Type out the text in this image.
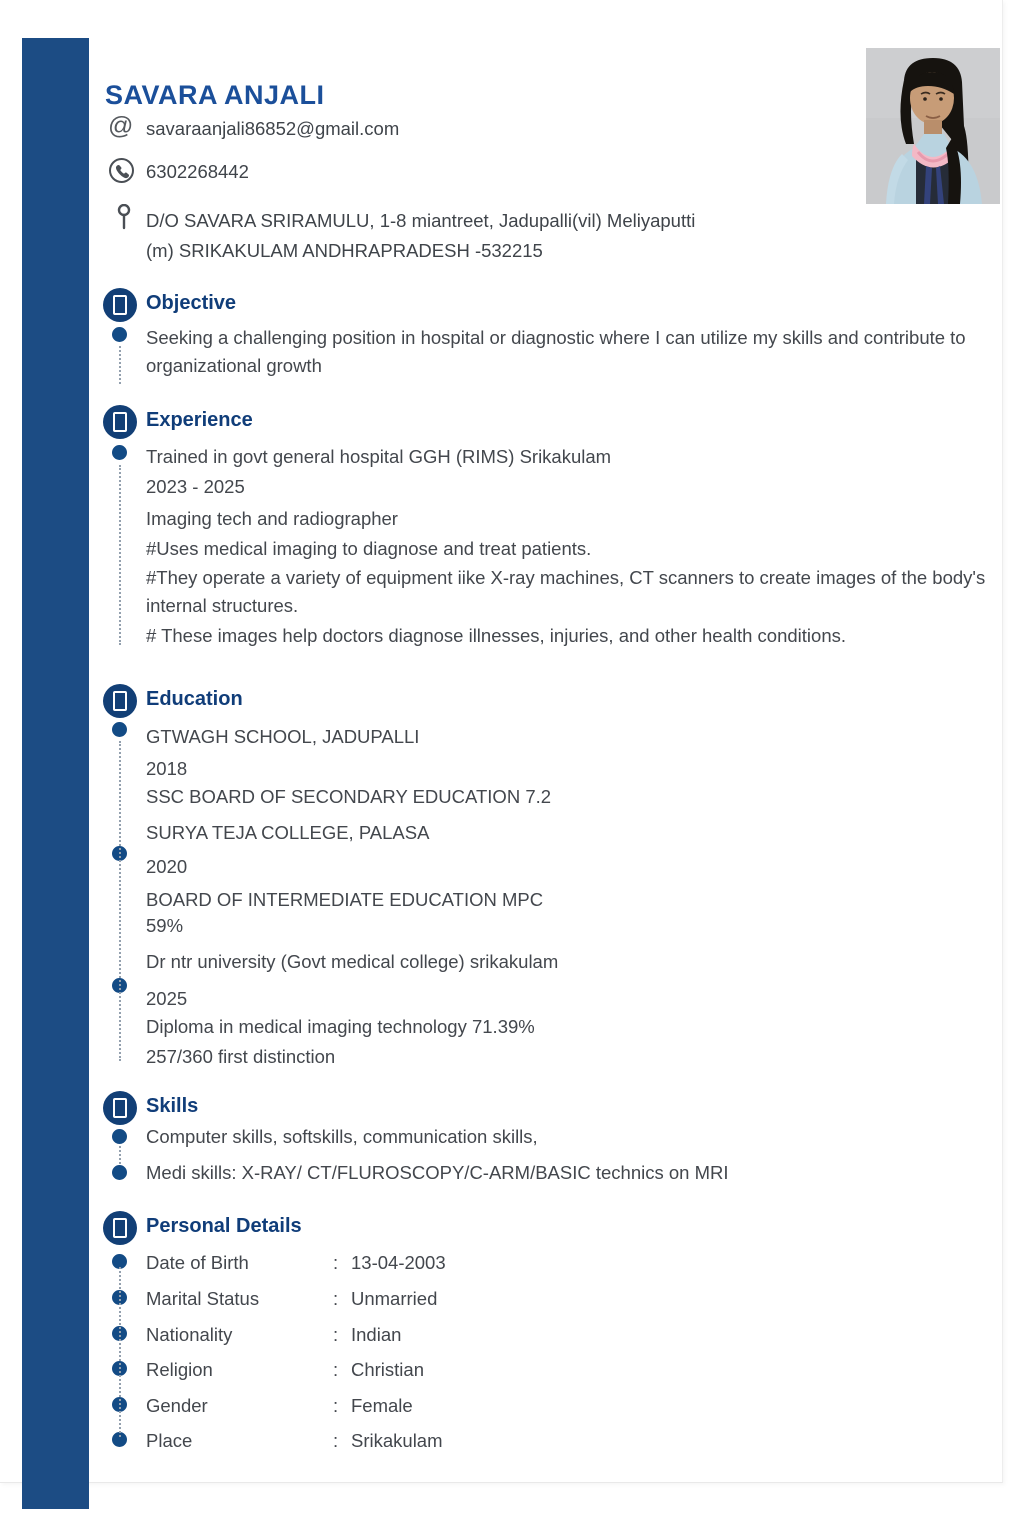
SAVARA ANJALI
@ savaraanjali86852@gmail.com
6302268442
D/O SAVARA SRIRAMULU, 1-8 miantreet, Jadupalli(vil) Meliyaputti
(m) SRIKAKULAM ANDHRAPRADESH -532215
Objective
Seeking a challenging position in hospital or diagnostic where I can utilize my skills and contribute to organizational growth
Experience
Trained in govt general hospital GGH (RIMS) Srikakulam
2023 - 2025
Imaging tech and radiographer
#Uses medical imaging to diagnose and treat patients.
#They operate a variety of equipment iike X-ray machines, CT scanners to create images of the body's internal structures.
# These images help doctors diagnose illnesses, injuries, and other health conditions.
Education
GTWAGH SCHOOL, JADUPALLI
2018
SSC BOARD OF SECONDARY EDUCATION 7.2
SURYA TEJA COLLEGE, PALASA
2020
BOARD OF INTERMEDIATE EDUCATION MPC
59%
Dr ntr university (Govt medical college) srikakulam
2025
Diploma in medical imaging technology 71.39%
257/360 first distinction
Skills
Computer skills, softskills, communication skills,
Medi skills: X-RAY/ CT/FLUROSCOPY/C-ARM/BASIC technics on MRI
Personal Details
Date of Birth	: 13-04-2003
Marital Status	: Unmarried
Nationality	: Indian
Religion	: Christian
Gender	: Female
Place	: Srikakulam
